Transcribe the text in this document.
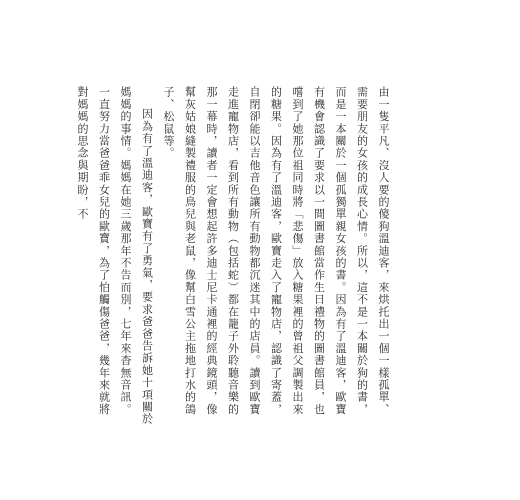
由一隻平凡、沒人要的傻狗溫迪客，來烘托出一個一樣孤單、需要朋友的女孩的成長心情。所以，這不是一本關於狗的書，而是一本關於一個孤獨單親女孩的書。因為有了溫迪客，歐寶有機會認識了要求以一間圖書館當作生日禮物的圖書館員，也嚐到了她那位祖同時將「悲傷」放入糖果裡的曾祖父調製出來的糖果。因為有了溫迪客，歐寶走入了寵物店，認識了寄蓋，自閉卻能以吉他音色讓所有動物都沉迷其中的店員。讀到歐寶走進寵物店，看到所有動物（包括蛇）都在籠子外聆聽音樂的那一幕時，讀者一定會想起許多迪士尼卡通裡的經典鏡頭，像幫灰姑娘縫製禮服的鳥兒與老鼠，像幫白雪公主拖地打水的鴿子、松鼠等。

因為有了溫迪客，歐寶有了勇氣，要求爸爸告訴她十項關於媽媽的事情。媽媽在她三歲那年不告而別，七年來杳無音訊。一直努力當爸爸乖女兒的歐寶，為了怕觸傷爸爸，幾年來就將對媽媽的思念與期盼，不
